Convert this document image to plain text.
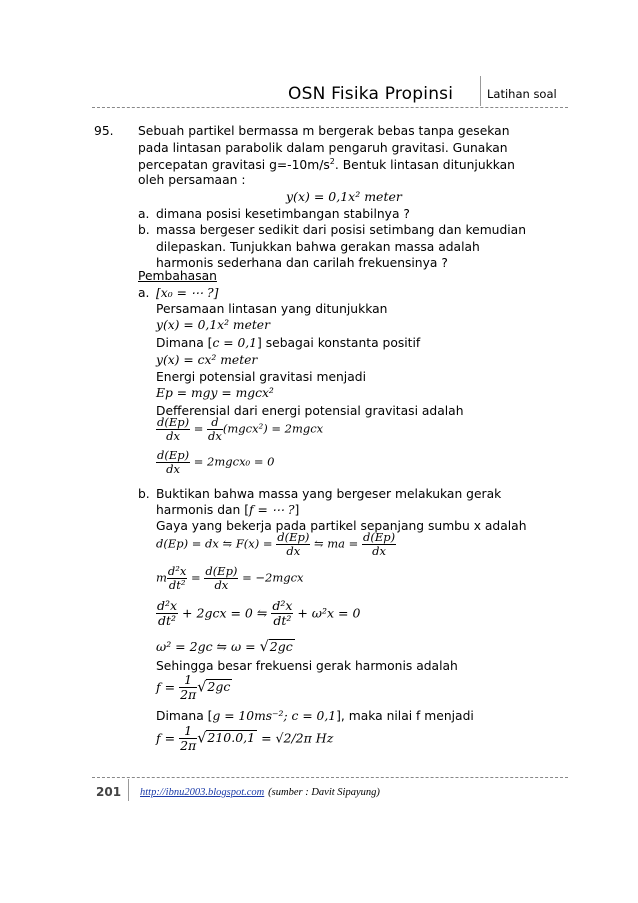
OSN Fisika Propinsi	Latihan soal
95. Sebuah partikel bermassa m bergerak bebas tanpa gesekan
pada lintasan parabolik dalam pengaruh gravitasi. Gunakan
percepatan gravitasi $g=-10m/s^2$. Bentuk lintasan ditunjukkan
oleh persamaan :
y(x) = 0,1x² meter
a. dimana posisi kesetimbangan stabilnya ?
b. massa bergeser sedikit dari posisi setimbang dan kemudian
dilepaskan. Tunjukkan bahwa gerakan massa adalah
harmonis sederhana dan carilah frekuensinya ?
Pembahasan
a. [x₀ = ⋯ ?]
Persamaan lintasan yang ditunjukkan
y(x) = 0,1x² meter
Dimana [c = 0,1] sebagai konstanta positif
y(x) = cx² meter
Energi potensial gravitasi menjadi
Ep = mgy = mgcx²
Defferensial dari energi potensial gravitasi adalah
$\frac{d(Ep)}{dx} = \frac{d}{dx}$ (mgcx²) = 2mgcx
$\frac{d(Ep)}{dx}$ = 2mgcx₀ = 0
b. Buktikan bahwa massa yang bergeser melakukan gerak
harmonis dan [f = ⋯ ?]
Gaya yang bekerja pada partikel sepanjang sumbu x adalah
d(Ep) = dx ⇋ $F(x) = \frac{d(Ep)}{dx}$ ⇋ ma = $\frac{d(Ep)}{dx}$
m $\frac{\text{d²x}}{\text{dt²}} = \frac{d(Ep)}{dx}$ = −2mgcx
$\frac{\text{d²x}}{\text{dt²}} + 2gcx = 0$ ⇋ $\frac{\text{d²x}}{\text{dt²}} + \omega^2x = 0$
ω² = 2gc ⇋ ω = √2gc
Sehingga besar frekuensi gerak harmonis adalah
$f = \frac{1}{2\pi} √2gc$
Dimana [g = 10ms⁻²; c = 0,1], maka nilai f menjadi
$f = \frac{1}{2\pi} √210.0,1 = √2/2\pi$ Hz
201 http://ibnu2003.blogspot.com (sumber : Davit Sipayung)
